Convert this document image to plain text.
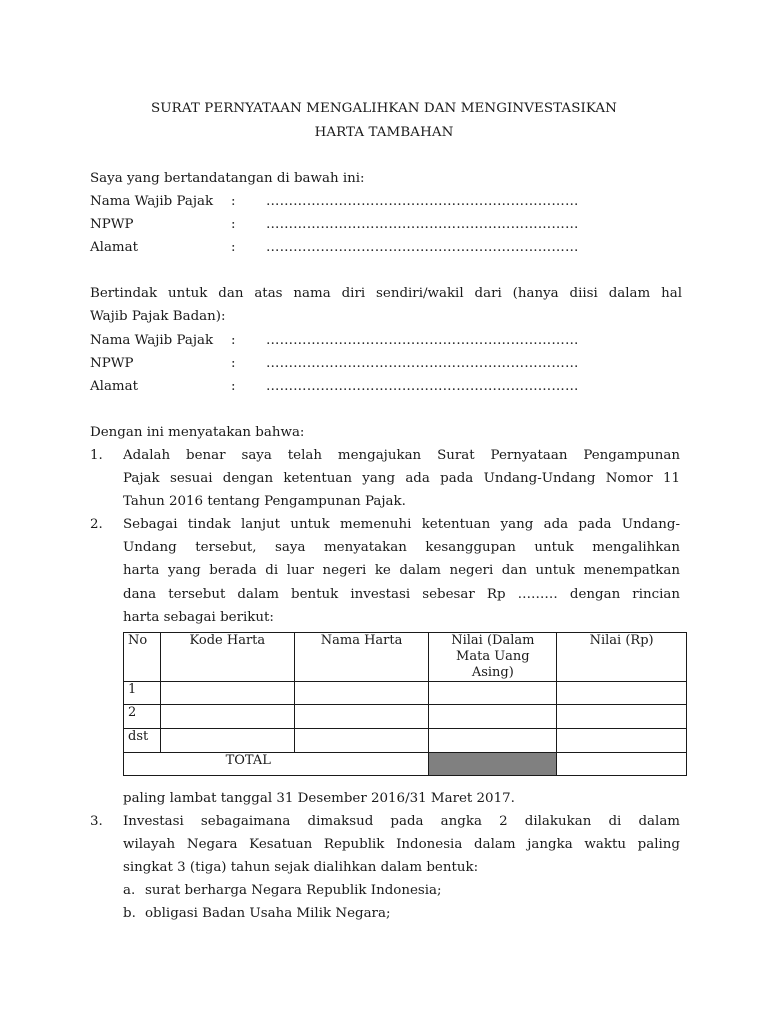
SURAT PERNYATAAN MENGALIHKAN DAN MENGINVESTASIKAN
HARTA TAMBAHAN
Saya yang bertandatangan di bawah ini:
Nama Wajib Pajak : ……………………………………………………………
NPWP	: ……………………………………………………………
Alamat	: ……………………………………………………………
Bertindak untuk dan atas nama diri sendiri/wakil dari (hanya diisi dalam hal
Wajib Pajak Badan):
Nama Wajib Pajak : ……………………………………………………………
NPWP	: ……………………………………………………………
Alamat	: ……………………………………………………………
Dengan ini menyatakan bahwa:
1. Adalah benar saya telah mengajukan Surat Pernyataan Pengampunan
Pajak sesuai dengan ketentuan yang ada pada Undang-Undang Nomor 11
Tahun 2016 tentang Pengampunan Pajak.
2. Sebagai tindak lanjut untuk memenuhi ketentuan yang ada pada Undang-
Undang tersebut, saya menyatakan kesanggupan untuk mengalihkan
harta yang berada di luar negeri ke dalam negeri dan untuk menempatkan
dana tersebut dalam bentuk investasi sebesar Rp ……… dengan rincian
harta sebagai berikut:
No	Kode Harta	Nama Harta	Nilai (Dalam Mata Uang Asing)	Nilai (Rp)
1				
2				
dst				
TOTAL				
paling lambat tanggal 31 Desember 2016/31 Maret 2017.
3. Investasi sebagaimana dimaksud pada angka 2 dilakukan di dalam
wilayah Negara Kesatuan Republik Indonesia dalam jangka waktu paling
singkat 3 (tiga) tahun sejak dialihkan dalam bentuk:
a. surat berharga Negara Republik Indonesia;
b. obligasi Badan Usaha Milik Negara;
